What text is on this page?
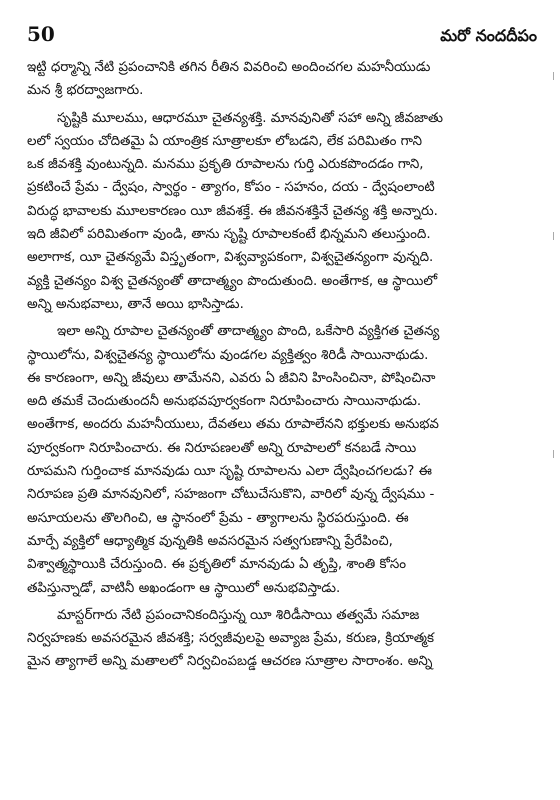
50	మరో నందదీపం
ఇట్టి ధర్మాన్ని నేటి ప్రపంచానికి తగిన రీతిన వివరించి అందించగల మహనీయుడు
మన శ్రీ భరద్వాజగారు.
సృష్టికి మూలము, ఆధారమూ చైతన్యశక్తి. మానవునితో సహా అన్ని జీవజాతు
లలో స్వయం చోదితమై ఏ యాంత్రిక సూత్రాలకూ లోబడని, లేక పరిమితం గాని
ఒక జీవశక్తి వుంటున్నది. మనము ప్రకృతి రూపాలను గుర్తి ఎరుకపొందడం గాని,
ప్రకటించే ప్రేమ - ద్వేషం, స్వార్థం - త్యాగం, కోపం - సహనం, దయ - ద్వేషంలాంటి
విరుద్ధ భావాలకు మూలకారణం యీ జీవశక్తే. ఈ జీవనశక్తినే చైతన్య శక్తి అన్నారు.
ఇది జీవిలో పరిమితంగా వుండి, తాను సృష్టి రూపాలకంటే భిన్నమని తలుస్తుంది.
అలాగాక, యీ చైతన్యమే విస్తృతంగా, విశ్వవ్యాపకంగా, విశ్వచైతన్యంగా వున్నది.
వ్యక్తి చైతన్యం విశ్వ చైతన్యంతో తాదాత్మ్యం పొందుతుంది. అంతేగాక, ఆ స్థాయిలో
అన్ని అనుభవాలు, తానే అయి భాసిస్తాడు.
ఇలా అన్ని రూపాల చైతన్యంతో తాదాత్మ్యం పొంది, ఒకేసారి వ్యక్తిగత చైతన్య
స్థాయిలోను, విశ్వచైతన్య స్థాయిలోను వుండగల వ్యక్తిత్వం శిరిడీ సాయినాథుడు.
ఈ కారణంగా, అన్ని జీవులు తామేనని, ఎవరు ఏ జీవిని హింసించినా, పోషించినా
అది తమకే చెందుతుందనీ అనుభవపూర్వకంగా నిరూపించారు సాయినాథుడు.
అంతేగాక, అందరు మహనీయులు, దేవతలు తమ రూపాలేనని భక్తులకు అనుభవ
పూర్వకంగా నిరూపించారు. ఈ నిరూపణలతో అన్ని రూపాలలో కనబడే సాయి
రూపమని గుర్తించాక మానవుడు యీ సృష్టి రూపాలను ఎలా ద్వేషించగలడు? ఈ
నిరూపణ ప్రతి మానవునిలో, సహజంగా చోటుచేసుకొని, వారిలో వున్న ద్వేషము -
అసూయలను తొలగించి, ఆ స్థానంలో ప్రేమ - త్యాగాలను స్థిరపరుస్తుంది. ఈ
మార్పే వ్యక్తిలో ఆధ్యాత్మిక వున్నతికి అవసరమైన సత్వగుణాన్ని ప్రేరేపించి,
విశ్వాత్మస్థాయికి చేరుస్తుంది. ఈ ప్రకృతిలో మానవుడు ఏ తృప్తి, శాంతి కోసం
తపిస్తున్నాడో, వాటినీ అఖండంగా ఆ స్థాయిలో అనుభవిస్తాడు.
మాస్టర్‌గారు నేటి ప్రపంచానికందిస్తున్న యీ శిరిడీసాయి తత్వమే సమాజ
నిర్వహణకు అవసరమైన జీవశక్తి; సర్వజీవులపై అవ్యాజ ప్రేమ, కరుణ, క్రియాత్మక
మైన త్యాగాలే అన్ని మతాలలో నిర్వచింపబడ్డ ఆచరణ సూత్రాల సారాంశం. అన్ని
